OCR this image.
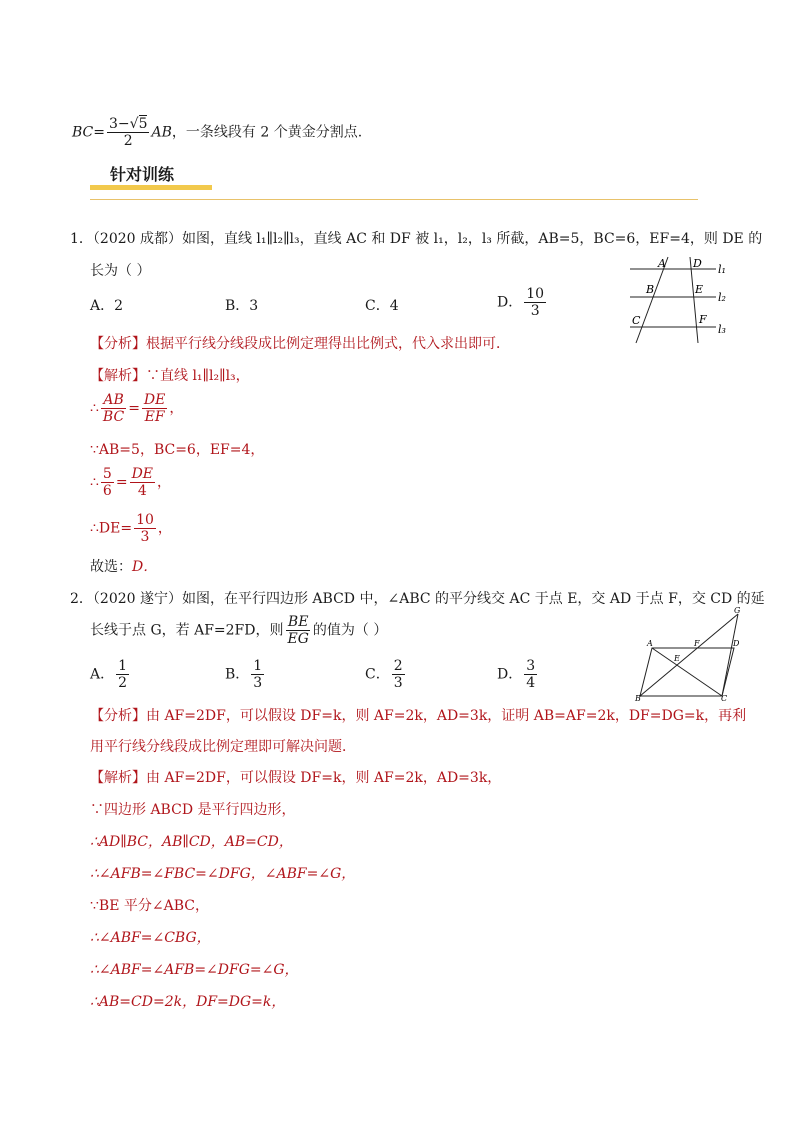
$BC= \frac{3-√5}{2}$ AB，一条线段有 2 个黄金分割点.
针对训练
1．（2020 成都）如图，直线 l₁∥l₂∥l₃，直线 AC 和 DF 被 l₁，l₂，l₃ 所截，AB=5，BC=6，EF=4，则 DE 的
长为（ ）
A．2	B．3	C．4	D． $\frac{10}{3}$
A D
B	E
C	F
l₁
l₂
l₃
【分析】根据平行线分线段成比例定理得出比例式，代入求出即可．
【解析】∵直线 l₁∥l₂∥l₃，
∴ $\frac{AB}{BC} = \frac{DE}{EF}$ ，
∵AB=5，BC=6，EF=4，
∴ $\frac{5}{6} = \frac{DE}{4}$ ，
∴DE= $\frac{10}{3}$ ，
故选：D．
2．（2020 遂宁）如图，在平行四边形 ABCD 中，∠ABC 的平分线交 AC 于点 E，交 AD 于点 F，交 CD 的延
长线于点 G，若 AF=2FD，则 $\frac{BE}{EG}$ 的值为（ ）
A． $\frac{1}{2}$	B． $\frac{1}{3}$	C． $\frac{2}{3}$	D． $\frac{3}{4}$
A	F	D
E
B	C
G
【分析】由 AF=2DF，可以假设 DF=k，则 AF=2k，AD=3k，证明 AB=AF=2k，DF=DG=k，再利
用平行线分线段成比例定理即可解决问题．
【解析】由 AF=2DF，可以假设 DF=k，则 AF=2k，AD=3k，
∵四边形 ABCD 是平行四边形，
∴AD∥BC，AB∥CD，AB=CD，
∴∠AFB=∠FBC=∠DFG，∠ABF=∠G，
∵BE 平分∠ABC，
∴∠ABF=∠CBG，
∴∠ABF=∠AFB=∠DFG=∠G，
∴AB=CD=2k，DF=DG=k，
